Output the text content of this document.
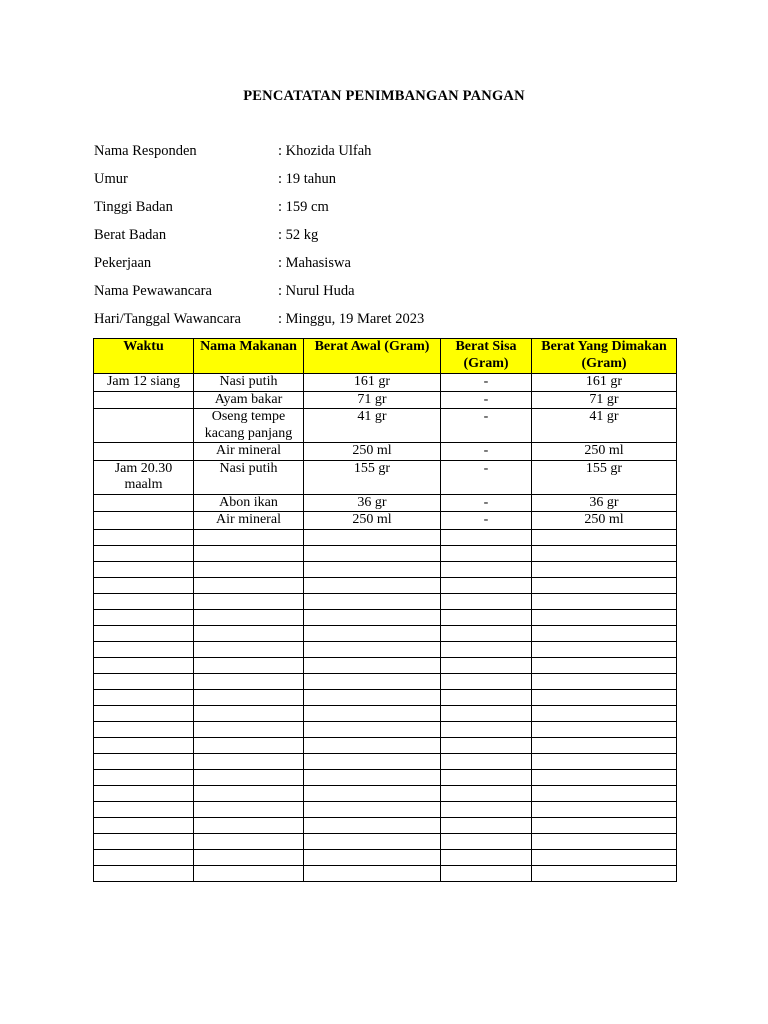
PENCATATAN PENIMBANGAN PANGAN
Nama Responden	: Khozida Ulfah
Umur	: 19 tahun
Tinggi Badan	: 159 cm
Berat Badan	: 52 kg
Pekerjaan	: Mahasiswa
Nama Pewawancara	: Nurul Huda
Hari/Tanggal Wawancara	: Minggu, 19 Maret 2023
Waktu	Nama Makanan	Berat Awal (Gram)	Berat Sisa (Gram)	Berat Yang Dimakan (Gram)
Jam 12 siang	Nasi putih	161 gr	-	161 gr
	Ayam bakar	71 gr	-	71 gr
	Oseng tempe kacang panjang	41 gr	-	41 gr
	Air mineral	250 ml	-	250 ml
Jam 20.30 maalm	Nasi putih	155 gr	-	155 gr
	Abon ikan	36 gr	-	36 gr
	Air mineral	250 ml	-	250 ml
